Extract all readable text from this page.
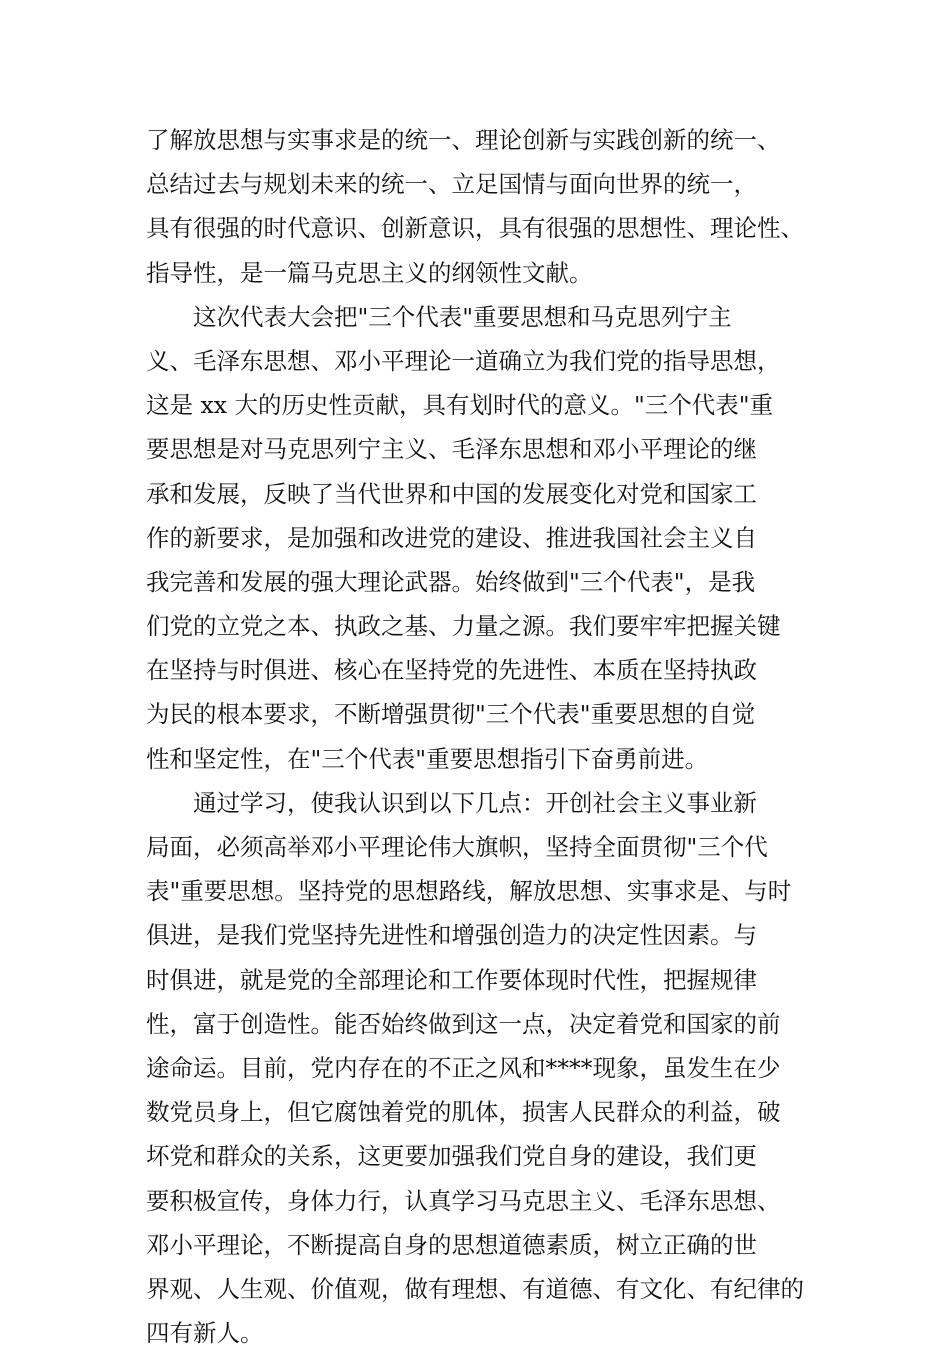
了解放思想与实事求是的统一、理论创新与实践创新的统一、
总结过去与规划未来的统一、立足国情与面向世界的统一，
具有很强的时代意识、创新意识，具有很强的思想性、理论性、
指导性，是一篇马克思主义的纲领性文献。
这次代表大会把"三个代表"重要思想和马克思列宁主
义、毛泽东思想、邓小平理论一道确立为我们党的指导思想，
这是 xx 大的历史性贡献，具有划时代的意义。"三个代表"重
要思想是对马克思列宁主义、毛泽东思想和邓小平理论的继
承和发展，反映了当代世界和中国的发展变化对党和国家工
作的新要求，是加强和改进党的建设、推进我国社会主义自
我完善和发展的强大理论武器。始终做到"三个代表"，是我
们党的立党之本、执政之基、力量之源。我们要牢牢把握关键
在坚持与时俱进、核心在坚持党的先进性、本质在坚持执政
为民的根本要求，不断增强贯彻"三个代表"重要思想的自觉
性和坚定性，在"三个代表"重要思想指引下奋勇前进。
通过学习，使我认识到以下几点：开创社会主义事业新
局面，必须高举邓小平理论伟大旗帜，坚持全面贯彻"三个代
表"重要思想。坚持党的思想路线，解放思想、实事求是、与时
俱进，是我们党坚持先进性和增强创造力的决定性因素。与
时俱进，就是党的全部理论和工作要体现时代性，把握规律
性，富于创造性。能否始终做到这一点，决定着党和国家的前
途命运。目前，党内存在的不正之风和****现象，虽发生在少
数党员身上，但它腐蚀着党的肌体，损害人民群众的利益，破
坏党和群众的关系，这更要加强我们党自身的建设，我们更
要积极宣传，身体力行，认真学习马克思主义、毛泽东思想、
邓小平理论，不断提高自身的思想道德素质，树立正确的世
界观、人生观、价值观，做有理想、有道德、有文化、有纪律的
四有新人。
